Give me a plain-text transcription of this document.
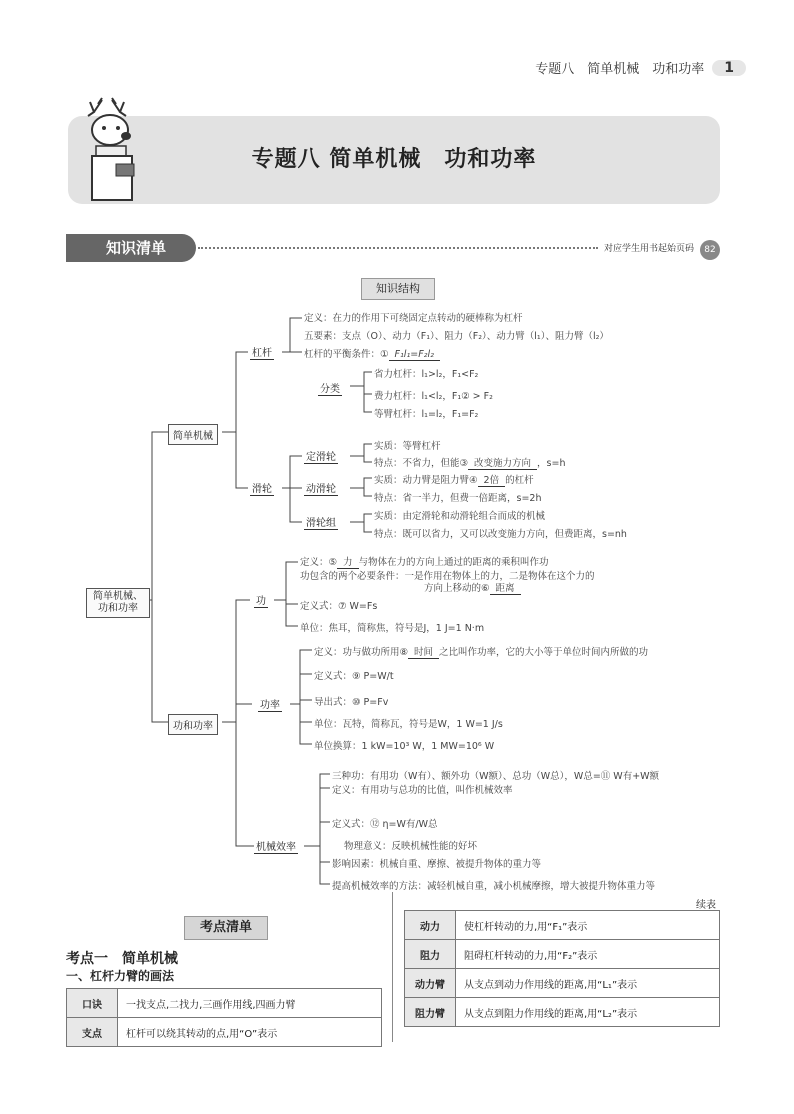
专题八　简单机械　功和功率	1
专题八 简单机械　功和功率
知识清单	对应学生用书起始页码	82
知识结构
简单机械、功和功率
简单机械
功和功率
杠杆
定义：在力的作用下可绕固定点转动的硬棒称为杠杆
五要素：支点（O）、动力（F₁）、阻力（F₂）、动力臂（l₁）、阻力臂（l₂）
杠杆的平衡条件：① F₁l₁=F₂l₂
分类
省力杠杆：l₁>l₂，F₁<F₂
费力杠杆：l₁<l₂，F₁② > F₂
等臂杠杆：l₁=l₂，F₁=F₂
滑轮
定滑轮
实质：等臂杠杆
特点：不省力，但能③ 改变施力方向 ，s=h
动滑轮
实质：动力臂是阻力臂④ 2倍 的杠杆
特点：省一半力，但费一倍距离，s=2h
滑轮组
实质：由定滑轮和动滑轮组合而成的机械
特点：既可以省力，又可以改变施力方向，但费距离，s=nh
功
定义：⑤ 力 与物体在力的方向上通过的距离的乘积叫作功
功包含的两个必要条件：一是作用在物体上的力，二是物体在这个力的
方向上移动的⑥ 距离
定义式：⑦ W=Fs
单位：焦耳，简称焦，符号是J，1 J=1 N·m
功率
定义：功与做功所用⑧ 时间 之比叫作功率，它的大小等于单位时间内所做的功
定义式：⑨ P=W/t
导出式：⑩ P=Fv
单位：瓦特，简称瓦，符号是W，1 W=1 J/s
单位换算：1 kW=10³ W，1 MW=10⁶ W
机械效率
三种功：有用功（W有）、额外功（W额）、总功（W总），W总=⑪ W有+W额
定义：有用功与总功的比值，叫作机械效率
定义式：⑫ η=W有/W总
物理意义：反映机械性能的好坏
影响因素：机械自重、摩擦、被提升物体的重力等
提高机械效率的方法：减轻机械自重，减小机械摩擦，增大被提升物体重力等
考点清单
考点一　简单机械
一、杠杆力臂的画法
口诀	一找支点,二找力,三画作用线,四画力臂
支点	杠杆可以绕其转动的点,用“O”表示
续表
动力	使杠杆转动的力,用“F₁”表示
阻力	阻碍杠杆转动的力,用“F₂”表示
动力臂	从支点到动力作用线的距离,用“L₁”表示
阻力臂	从支点到阻力作用线的距离,用“L₂”表示
